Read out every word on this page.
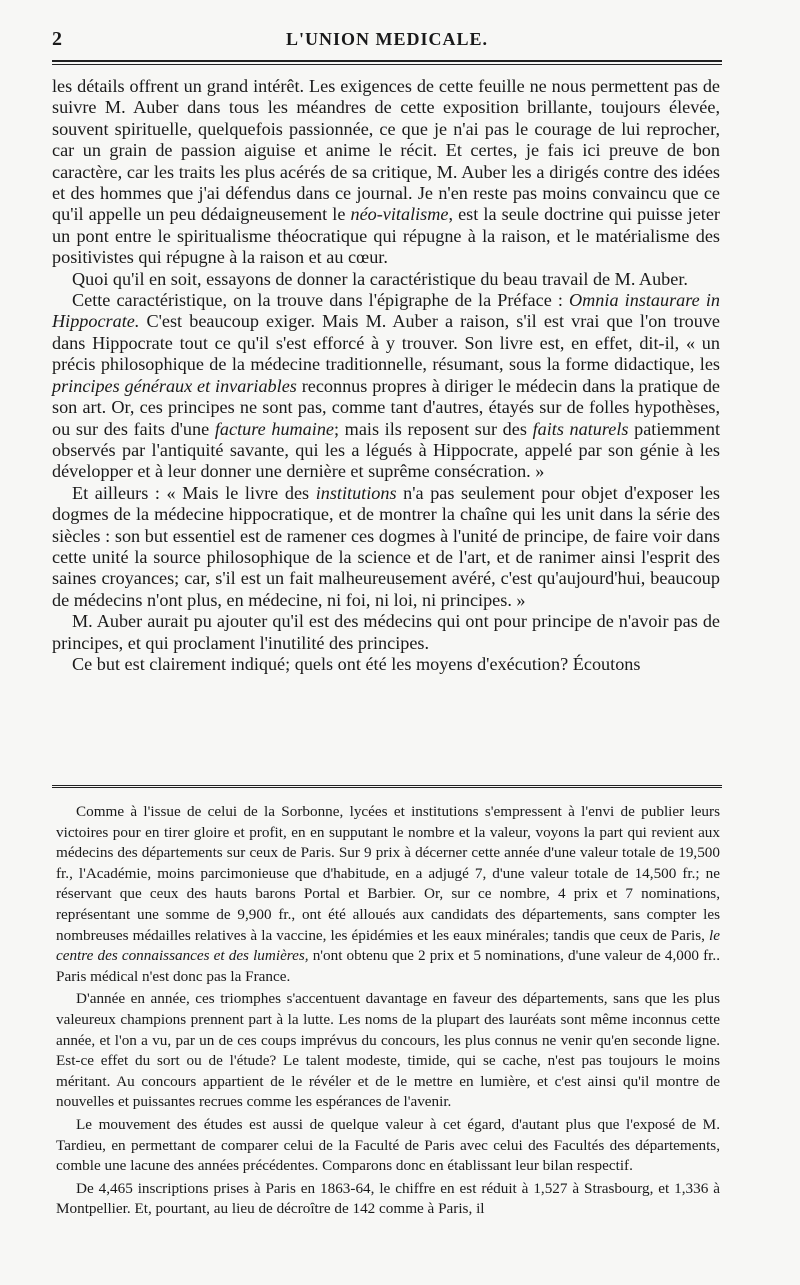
2	L'UNION MEDICALE.

les détails offrent un grand intérêt. Les exigences de cette feuille ne nous permettent pas de suivre M. Auber dans tous les méandres de cette exposition brillante, toujours élevée, souvent spirituelle, quelquefois passionnée, ce que je n'ai pas le courage de lui reprocher, car un grain de passion aiguise et anime le récit. Et certes, je fais ici preuve de bon caractère, car les traits les plus acérés de sa critique, M. Auber les a dirigés contre des idées et des hommes que j'ai défendus dans ce journal. Je n'en reste pas moins convaincu que ce qu'il appelle un peu dédaigneusement le néo-vitalisme, est la seule doctrine qui puisse jeter un pont entre le spiritualisme théocratique qui répugne à la raison, et le matérialisme des positivistes qui répugne à la raison et au cœur.

Quoi qu'il en soit, essayons de donner la caractéristique du beau travail de M. Auber.

Cette caractéristique, on la trouve dans l'épigraphe de la Préface : Omnia instaurare in Hippocrate. C'est beaucoup exiger. Mais M. Auber a raison, s'il est vrai que l'on trouve dans Hippocrate tout ce qu'il s'est efforcé à y trouver. Son livre est, en effet, dit-il, « un précis philosophique de la médecine traditionnelle, résumant, sous la forme didactique, les principes généraux et invariables reconnus propres à diriger le médecin dans la pratique de son art. Or, ces principes ne sont pas, comme tant d'autres, étayés sur de folles hypothèses, ou sur des faits d'une facture humaine; mais ils reposent sur des faits naturels patiemment observés par l'antiquité savante, qui les a légués à Hippocrate, appelé par son génie à les développer et à leur donner une dernière et suprême consécration. »

Et ailleurs : « Mais le livre des institutions n'a pas seulement pour objet d'exposer les dogmes de la médecine hippocratique, et de montrer la chaîne qui les unit dans la série des siècles : son but essentiel est de ramener ces dogmes à l'unité de principe, de faire voir dans cette unité la source philosophique de la science et de l'art, et de ranimer ainsi l'esprit des saines croyances; car, s'il est un fait malheureusement avéré, c'est qu'aujourd'hui, beaucoup de médecins n'ont plus, en médecine, ni foi, ni loi, ni principes. »

M. Auber aurait pu ajouter qu'il est des médecins qui ont pour principe de n'avoir pas de principes, et qui proclament l'inutilité des principes.

Ce but est clairement indiqué; quels ont été les moyens d'exécution? Écoutons

Comme à l'issue de celui de la Sorbonne, lycées et institutions s'empressent à l'envi de publier leurs victoires pour en tirer gloire et profit, en en supputant le nombre et la valeur, voyons la part qui revient aux médecins des départements sur ceux de Paris. Sur 9 prix à décerner cette année d'une valeur totale de 19,500 fr., l'Académie, moins parcimonieuse que d'habitude, en a adjugé 7, d'une valeur totale de 14,500 fr.; ne réservant que ceux des hauts barons Portal et Barbier. Or, sur ce nombre, 4 prix et 7 nominations, représentant une somme de 9,900 fr., ont été alloués aux candidats des départements, sans compter les nombreuses médailles relatives à la vaccine, les épidémies et les eaux minérales; tandis que ceux de Paris, le centre des connaissances et des lumières, n'ont obtenu que 2 prix et 5 nominations, d'une valeur de 4,000 fr.. Paris médical n'est donc pas la France.

D'année en année, ces triomphes s'accentuent davantage en faveur des départements, sans que les plus valeureux champions prennent part à la lutte. Les noms de la plupart des lauréats sont même inconnus cette année, et l'on a vu, par un de ces coups imprévus du concours, les plus connus ne venir qu'en seconde ligne. Est-ce effet du sort ou de l'étude? Le talent modeste, timide, qui se cache, n'est pas toujours le moins méritant. Au concours appartient de le révéler et de le mettre en lumière, et c'est ainsi qu'il montre de nouvelles et puissantes recrues comme les espérances de l'avenir.

Le mouvement des études est aussi de quelque valeur à cet égard, d'autant plus que l'exposé de M. Tardieu, en permettant de comparer celui de la Faculté de Paris avec celui des Facultés des départements, comble une lacune des années précédentes. Comparons donc en établissant leur bilan respectif.

De 4,465 inscriptions prises à Paris en 1863-64, le chiffre en est réduit à 1,527 à Strasbourg, et 1,336 à Montpellier. Et, pourtant, au lieu de décroître de 142 comme à Paris, il
